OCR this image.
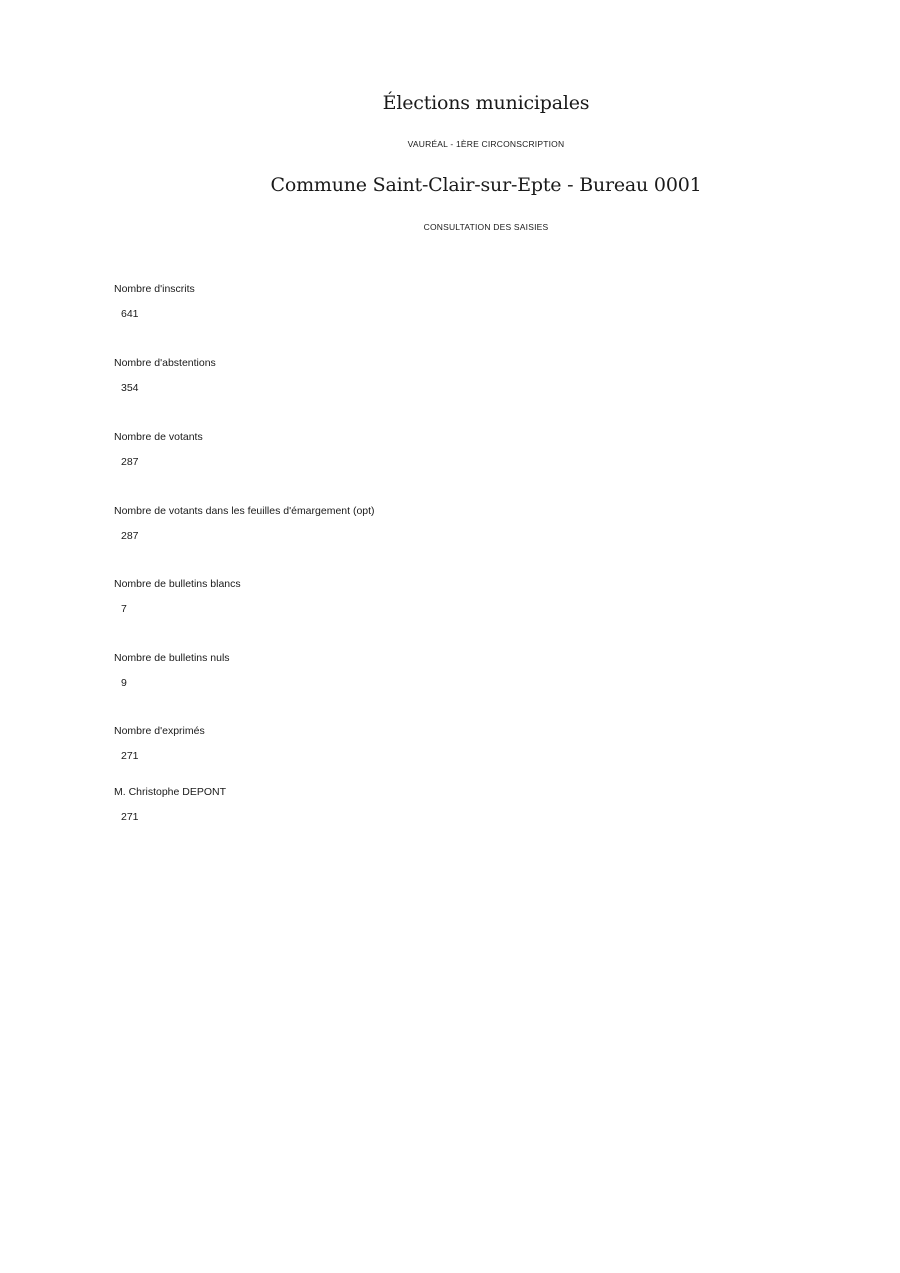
Élections municipales
VAURÉAL - 1ÈRE CIRCONSCRIPTION
Commune Saint-Clair-sur-Epte - Bureau 0001
CONSULTATION DES SAISIES
Nombre d'inscrits
641
Nombre d'abstentions
354
Nombre de votants
287
Nombre de votants dans les feuilles d'émargement (opt)
287
Nombre de bulletins blancs
7
Nombre de bulletins nuls
9
Nombre d'exprimés
271
M. Christophe DEPONT
271
